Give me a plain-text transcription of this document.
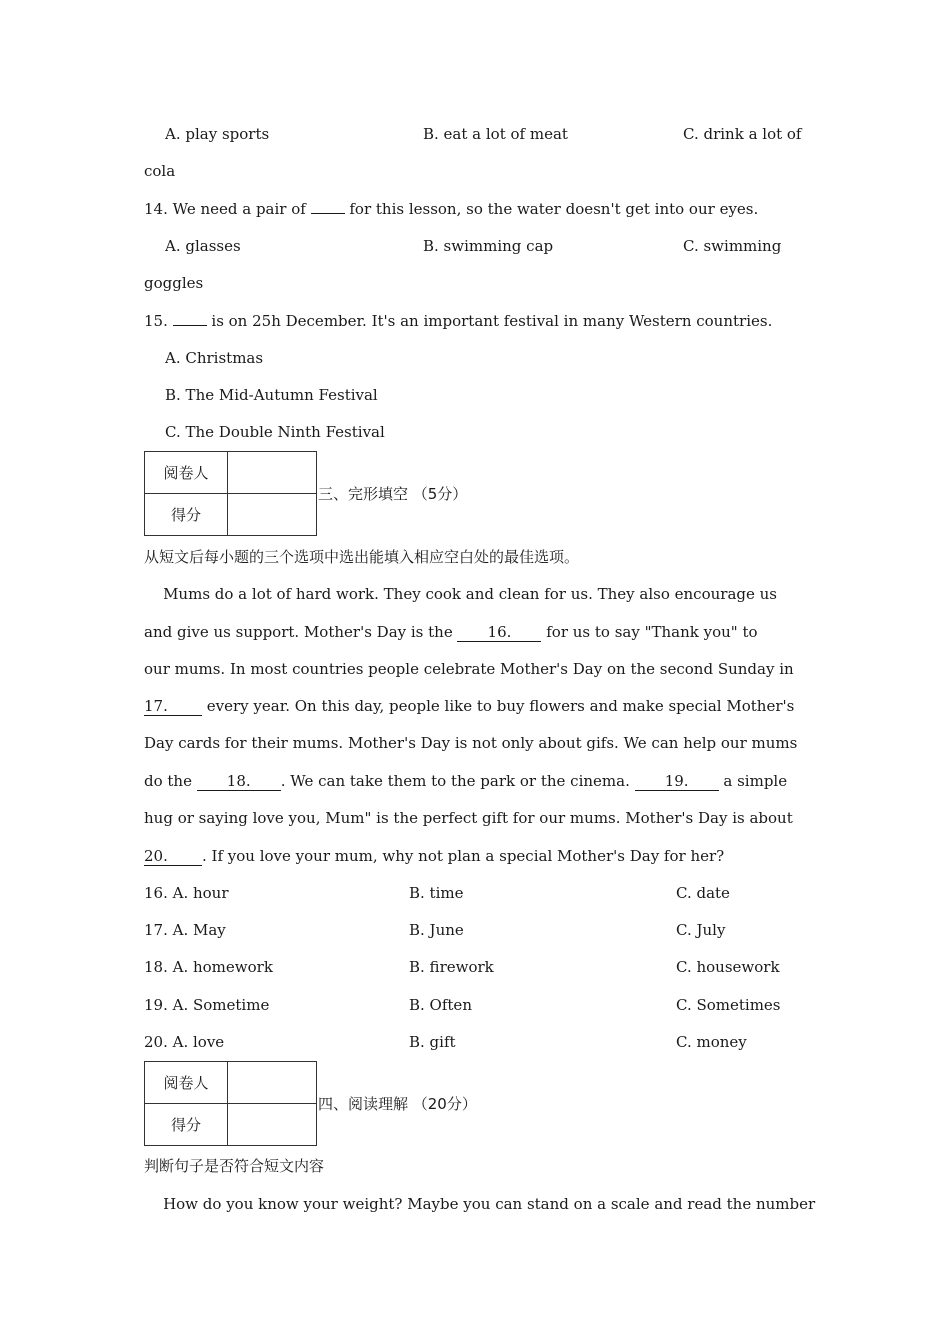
A. play sports	B. eat a lot of meat	C. drink a lot of
cola
14. We need a pair of  for this lesson, so the water doesn't get into our eyes.
A. glasses	B. swimming cap	C. swimming
goggles
15.  is on 25h December. It's an important festival in many Western countries.
A. Christmas
B. The Mid-Autumn Festival
C. The Double Ninth Festival
阅卷人	
得分	
三、完形填空 （5分）
从短文后每小题的三个选项中选出能填入相应空白处的最佳选项。
Mums do a lot of hard work. They cook and clean for us. They also encourage us
and give us support. Mother's Day is the 16. for us to say "Thank you" to
our mums. In most countries people celebrate Mother's Day on the second Sunday in
17. every year. On this day, people like to buy flowers and make special Mother's
Day cards for their mums. Mother's Day is not only about gifs. We can help our mums
do the 18. . We can take them to the park or the cinema. 19. a simple
hug or saying love you, Mum" is the perfect gift for our mums. Mother's Day is about
20. . If you love your mum, why not plan a special Mother's Day for her?
16. A. hour	B. time	C. date
17. A. May	B. June	C. July
18. A. homework	B. firework	C. housework
19. A. Sometime	B. Often	C. Sometimes
20. A. love	B. gift	C. money
阅卷人	
得分	
四、阅读理解 （20分）
判断句子是否符合短文内容
How do you know your weight? Maybe you can stand on a scale and read the number
